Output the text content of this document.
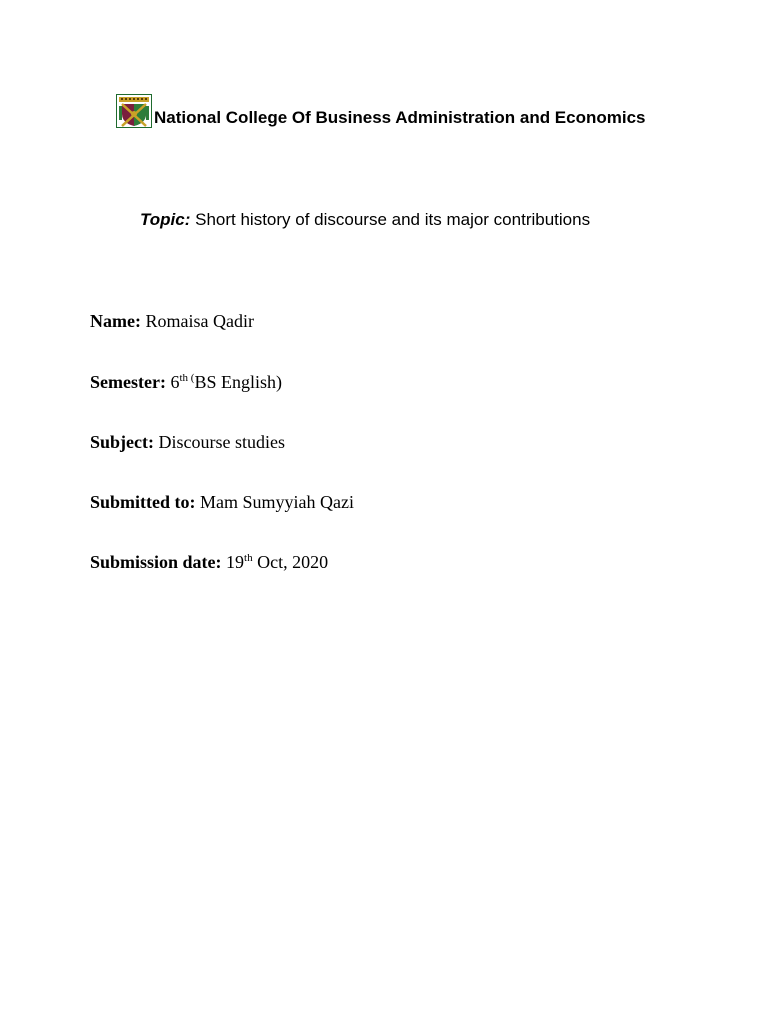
National College Of Business Administration and Economics
Topic: Short history of discourse and its major contributions
Name: Romaisa Qadir
Semester: $6^{th (}BS$ English)
Subject: Discourse studies
Submitted to: Mam Sumyyiah Qazi
Submission date: 19th Oct, 2020
